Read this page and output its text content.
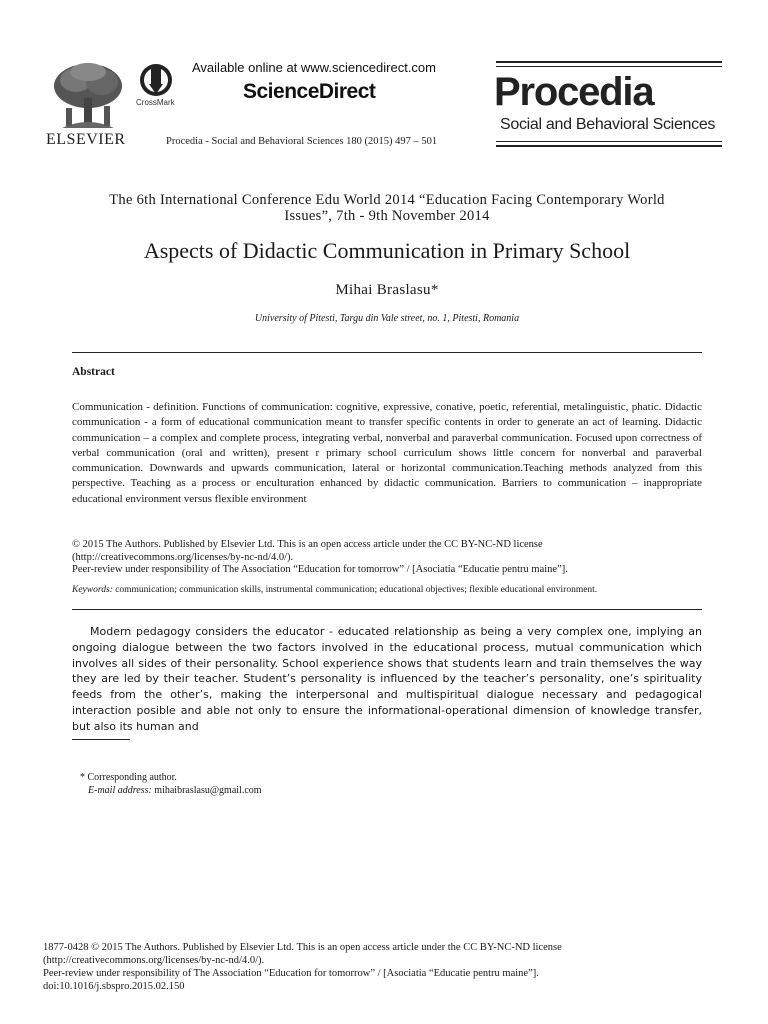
ELSEVIER
CrossMark
Available online at www.sciencedirect.com
ScienceDirect
Procedia - Social and Behavioral Sciences 180 (2015) 497 – 501
Procedia
Social and Behavioral Sciences
The 6th International Conference Edu World 2014 “Education Facing Contemporary World
Issues”, 7th - 9th November 2014
Aspects of Didactic Communication in Primary School
Mihai Braslasu*
University of Pitesti, Targu din Vale street, no. 1, Pitesti, Romania
Abstract
Communication - definition. Functions of communication: cognitive, expressive, conative, poetic, referential, metalinguistic, phatic. Didactic communication - a form of educational communication meant to transfer specific contents in order to generate an act of learning. Didactic communication – a complex and complete process, integrating verbal, nonverbal and paraverbal communication. Focused upon correctness of verbal communication (oral and written), present r primary school curriculum shows little concern for nonverbal and paraverbal communication. Downwards and upwards communication, lateral or horizontal communication.Teaching methods analyzed from this perspective. Teaching as a process or enculturation enhanced by didactic communication. Barriers to communication – inappropriate educational environment versus flexible environment
© 2015 The Authors. Published by Elsevier Ltd. This is an open access article under the CC BY-NC-ND license
(http://creativecommons.org/licenses/by-nc-nd/4.0/).
Peer-review under responsibility of The Association “Education for tomorrow” / [Asociatia “Educatie pentru maine”].
Keywords: communication; communication skills, instrumental communication; educational objectives; flexible educational environment.

Modern pedagogy considers the educator - educated relationship as being a very complex one, implying an ongoing dialogue between the two factors involved in the educational process, mutual communication which involves all sides of their personality. School experience shows that students learn and train themselves the way they are led by their teacher. Student’s personality is influenced by the teacher’s personality, one’s spirituality feeds from the other’s, making the interpersonal and multispiritual dialogue necessary and pedagogical interaction posible and able not only to ensure the informational-operational dimension of knowledge transfer, but also its human and

* Corresponding author.
E-mail address: mihaibraslasu@gmail.com
1877-0428 © 2015 The Authors. Published by Elsevier Ltd. This is an open access article under the CC BY-NC-ND license
(http://creativecommons.org/licenses/by-nc-nd/4.0/).
Peer-review under responsibility of The Association “Education for tomorrow” / [Asociatia “Educatie pentru maine”].
doi:10.1016/j.sbspro.2015.02.150
